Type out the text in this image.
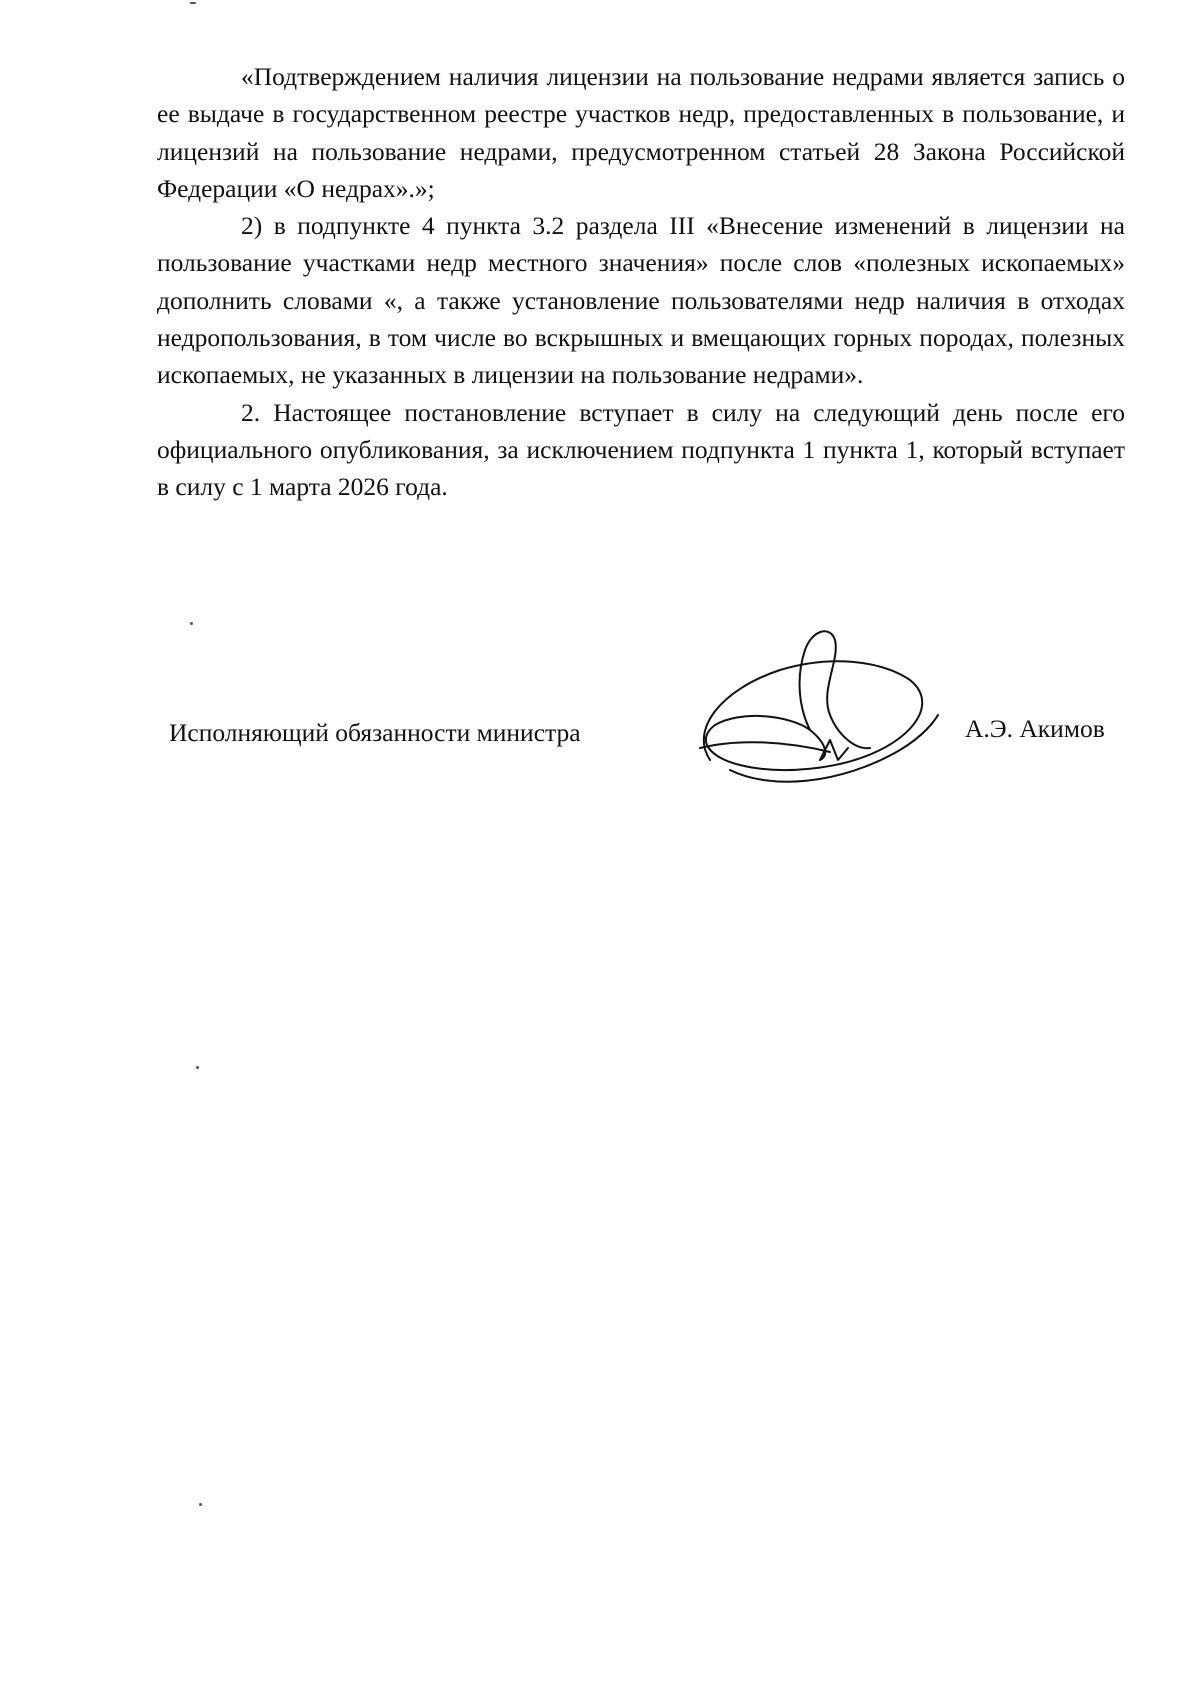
«Подтверждением наличия лицензии на пользование недрами является запись о ее выдаче в государственном реестре участков недр, предоставленных в пользование, и лицензий на пользование недрами, предусмотренном статьей 28 Закона Российской Федерации «О недрах».»;

2) в подпункте 4 пункта 3.2 раздела III «Внесение изменений в лицензии на пользование участками недр местного значения» после слов «полезных ископаемых» дополнить словами «, а также установление пользователями недр наличия в отходах недропользования, в том числе во вскрышных и вмещающих горных породах, полезных ископаемых, не указанных в лицензии на пользование недрами».

2. Настоящее постановление вступает в силу на следующий день после его официального опубликования, за исключением подпункта 1 пункта 1, который вступает в силу с 1 марта 2026 года.

Исполняющий обязанности министра	А.Э. Акимов
